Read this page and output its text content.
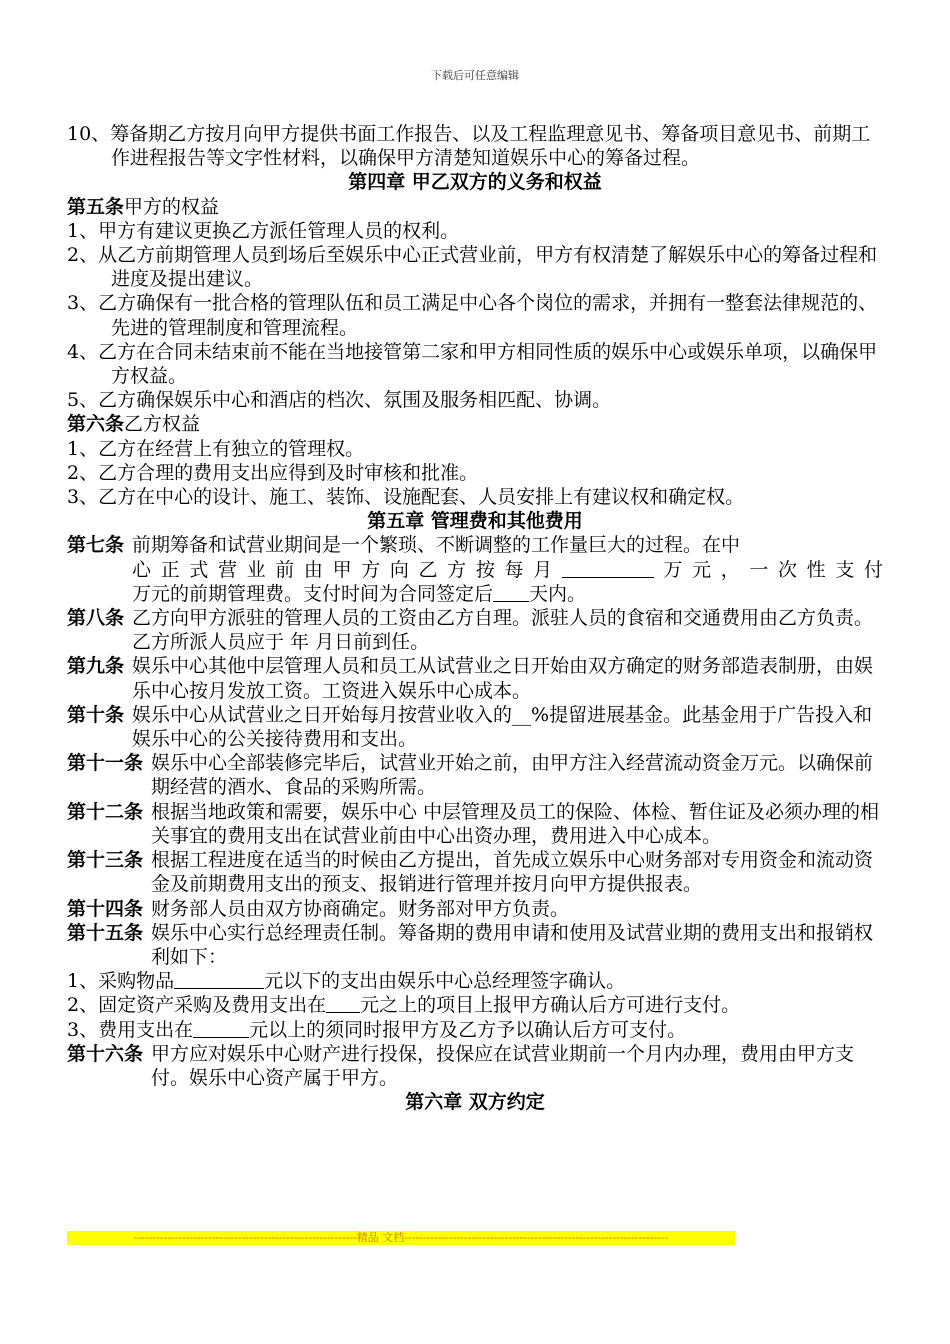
下载后可任意编辑

10、筹备期乙方按月向甲方提供书面工作报告、以及工程监理意见书、筹备项目意见书、前期工作进程报告等文字性材料，以确保甲方清楚知道娱乐中心的筹备过程。

第四章 甲乙双方的义务和权益

第五条甲方的权益

1、甲方有建议更换乙方派任管理人员的权利。

2、从乙方前期管理人员到场后至娱乐中心正式营业前，甲方有权清楚了解娱乐中心的筹备过程和进度及提出建议。

3、乙方确保有一批合格的管理队伍和员工满足中心各个岗位的需求，并拥有一整套法律规范的、先进的管理制度和管理流程。

4、乙方在合同未结束前不能在当地接管第二家和甲方相同性质的娱乐中心或娱乐单项，以确保甲方权益。

5、乙方确保娱乐中心和酒店的档次、氛围及服务相匹配、协调。

第六条乙方权益

1、乙方在经营上有独立的管理权。

2、乙方合理的费用支出应得到及时审核和批准。

3、乙方在中心的设计、施工、装饰、设施配套、人员安排上有建议权和确定权。

第五章 管理费和其他费用

第七条 前期筹备和试营业期间是一个繁琐、不断调整的工作量巨大的过程。在中
心正式营业前由甲方向乙方按每月	万元，一次性支付
万元的前期管理费。支付时间为合同签定后 天内。
第八条 乙方向甲方派驻的管理人员的工资由乙方自理。派驻人员的食宿和交通费用由乙方负责。乙方所派人员应于 年 月日前到任。
第九条 娱乐中心其他中层管理人员和员工从试营业之日开始由双方确定的财务部造表制册，由娱乐中心按月发放工资。工资进入娱乐中心成本。
第十条 娱乐中心从试营业之日开始每月按营业收入的__%提留进展基金。此基金用于广告投入和娱乐中心的公关接待费用和支出。
第十一条 娱乐中心全部装修完毕后，试营业开始之前，由甲方注入经营流动资金万元。以确保前期经营的酒水、食品的采购所需。
第十二条 根据当地政策和需要，娱乐中心 中层管理及员工的保险、体检、暂住证及必须办理的相关事宜的费用支出在试营业前由中心出资办理，费用进入中心成本。
第十三条 根据工程进度在适当的时候由乙方提出，首先成立娱乐中心财务部对专用资金和流动资金及前期费用支出的预支、报销进行管理并按月向甲方提供报表。
第十四条 财务部人员由双方协商确定。财务部对甲方负责。
第十五条 娱乐中心实行总经理责任制。筹备期的费用申请和使用及试营业期的费用支出和报销权利如下：

1、采购物品	元以下的支出由娱乐中心总经理签字确认。

2、固定资产采购及费用支出在 元之上的项目上报甲方确认后方可进行支付。

3、费用支出在	元以上的须同时报甲方及乙方予以确认后方可支付。

第十六条 甲方应对娱乐中心财产进行投保，投保应在试营业期前一个月内办理，费用由甲方支付。娱乐中心资产属于甲方。

第六章 双方约定

------------------------------------------------------------精品 文档-----------------------------------------------------------------------
